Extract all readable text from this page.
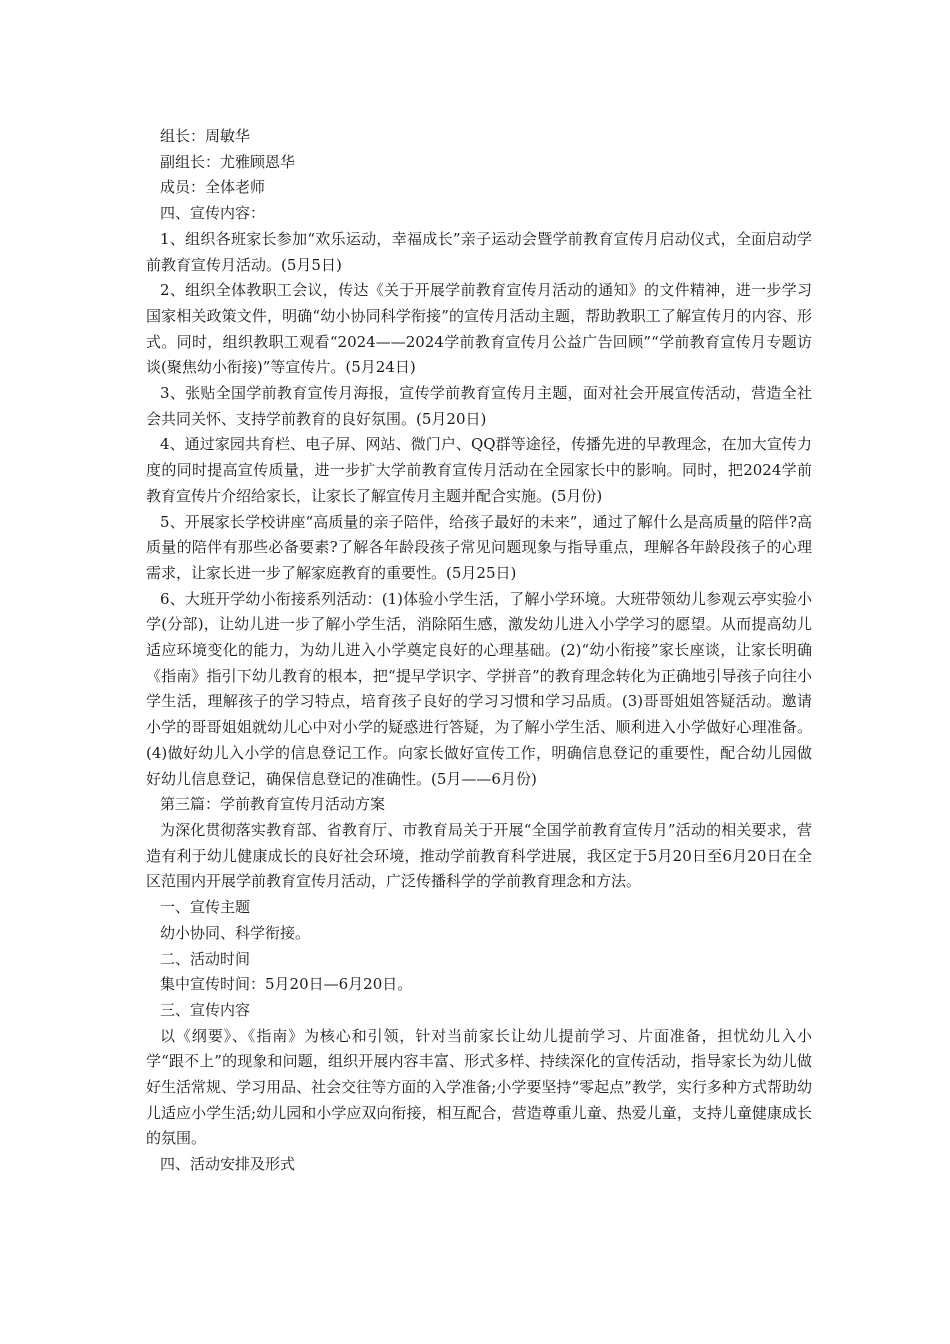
组长：周敏华
副组长：尤雅顾恩华
成员：全体老师
四、宣传内容：

1、组织各班家长参加“欢乐运动，幸福成长”亲子运动会暨学前教育宣传月启动仪式，全面启动学前教育宣传月活动。(5月5日)

2、组织全体教职工会议，传达《关于开展学前教育宣传月活动的通知》的文件精神，进一步学习国家相关政策文件，明确“幼小协同科学衔接”的宣传月活动主题，帮助教职工了解宣传月的内容、形式。同时，组织教职工观看“2024——2024学前教育宣传月公益广告回顾”“学前教育宣传月专题访谈(聚焦幼小衔接)”等宣传片。(5月24日)

3、张贴全国学前教育宣传月海报，宣传学前教育宣传月主题，面对社会开展宣传活动，营造全社会共同关怀、支持学前教育的良好氛围。(5月20日)

4、通过家园共育栏、电子屏、网站、微门户、QQ群等途径，传播先进的早教理念，在加大宣传力度的同时提高宣传质量，进一步扩大学前教育宣传月活动在全园家长中的影响。同时，把2024学前教育宣传片介绍给家长，让家长了解宣传月主题并配合实施。(5月份)

5、开展家长学校讲座“高质量的亲子陪伴，给孩子最好的未来”，通过了解什么是高质量的陪伴?高质量的陪伴有那些必备要素?了解各年龄段孩子常见问题现象与指导重点，理解各年龄段孩子的心理需求，让家长进一步了解家庭教育的重要性。(5月25日)

6、大班开学幼小衔接系列活动：(1)体验小学生活，了解小学环境。大班带领幼儿参观云亭实验小学(分部)，让幼儿进一步了解小学生活，消除陌生感，激发幼儿进入小学学习的愿望。从而提高幼儿适应环境变化的能力，为幼儿进入小学奠定良好的心理基础。(2)“幼小衔接”家长座谈，让家长明确《指南》指引下幼儿教育的根本，把“提早学识字、学拼音”的教育理念转化为正确地引导孩子向往小学生活，理解孩子的学习特点，培育孩子良好的学习习惯和学习品质。(3)哥哥姐姐答疑活动。邀请小学的哥哥姐姐就幼儿心中对小学的疑惑进行答疑，为了解小学生活、顺利进入小学做好心理准备。(4)做好幼儿入小学的信息登记工作。向家长做好宣传工作，明确信息登记的重要性，配合幼儿园做好幼儿信息登记，确保信息登记的准确性。(5月——6月份)

第三篇：学前教育宣传月活动方案

为深化贯彻落实教育部、省教育厅、市教育局关于开展“全国学前教育宣传月”活动的相关要求，营造有利于幼儿健康成长的良好社会环境，推动学前教育科学进展，我区定于5月20日至6月20日在全区范围内开展学前教育宣传月活动，广泛传播科学的学前教育理念和方法。

一、宣传主题
幼小协同、科学衔接。
二、活动时间
集中宣传时间：5月20日—6月20日。
三、宣传内容

以《纲要》、《指南》为核心和引领，针对当前家长让幼儿提前学习、片面准备，担忧幼儿入小学“跟不上”的现象和问题，组织开展内容丰富、形式多样、持续深化的宣传活动，指导家长为幼儿做好生活常规、学习用品、社会交往等方面的入学准备;小学要坚持“零起点”教学，实行多种方式帮助幼儿适应小学生活;幼儿园和小学应双向衔接，相互配合，营造尊重儿童、热爱儿童，支持儿童健康成长的氛围。

四、活动安排及形式
